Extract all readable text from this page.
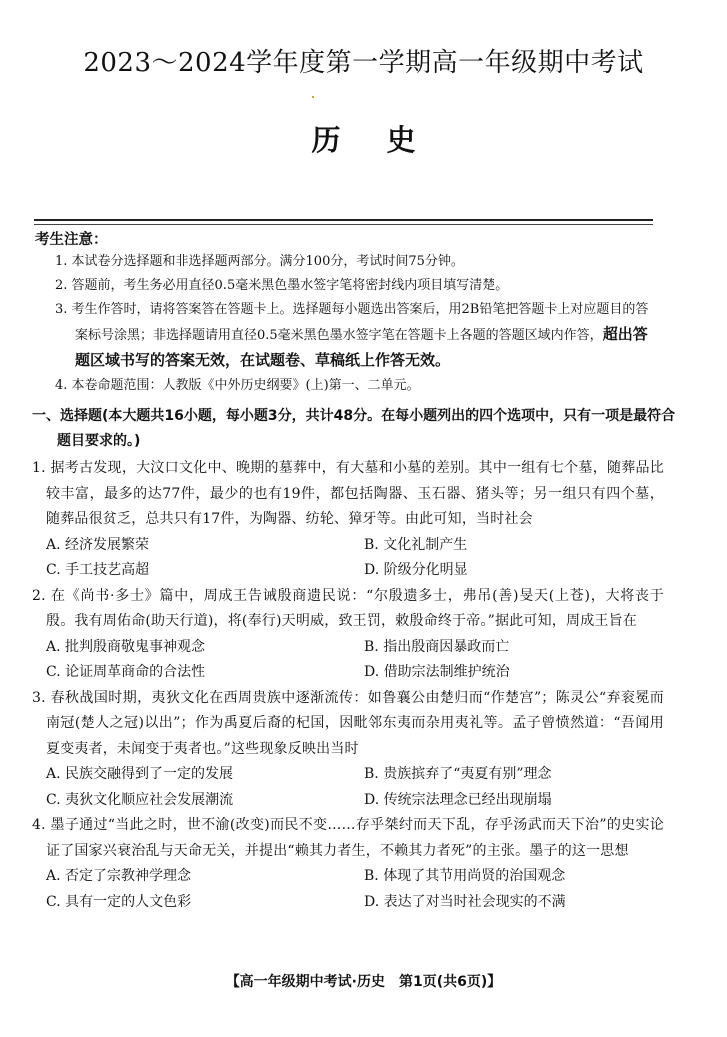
2023～2024学年度第一学期高一年级期中考试
历史
考生注意：
1. 本试卷分选择题和非选择题两部分。满分100分，考试时间75分钟。
2. 答题前，考生务必用直径0.5毫米黑色墨水签字笔将密封线内项目填写清楚。
3. 考生作答时，请将答案答在答题卡上。选择题每小题选出答案后，用2B铅笔把答题卡上对应题目的答案标号涂黑；非选择题请用直径0.5毫米黑色墨水签字笔在答题卡上各题的答题区域内作答，超出答题区域书写的答案无效，在试题卷、草稿纸上作答无效。
4. 本卷命题范围：人教版《中外历史纲要》(上)第一、二单元。
一、选择题(本大题共16小题，每小题3分，共计48分。在每小题列出的四个选项中，只有一项是最符合题目要求的。)
1. 据考古发现，大汶口文化中、晚期的墓葬中，有大墓和小墓的差别。其中一组有七个墓，随葬品比较丰富，最多的达77件，最少的也有19件，都包括陶器、玉石器、猪头等；另一组只有四个墓，随葬品很贫乏，总共只有17件，为陶器、纺轮、獐牙等。由此可知，当时社会
A. 经济发展繁荣	B. 文化礼制产生
C. 手工技艺高超	D. 阶级分化明显
2. 在《尚书·多士》篇中，周成王告诫殷商遗民说：“尔殷遗多士，弗吊(善)旻天(上苍)，大将丧于殷。我有周佑命(助天行道)，将(奉行)天明威，致王罚，敕殷命终于帝。”据此可知，周成王旨在
A. 批判殷商敬鬼事神观念	B. 指出殷商因暴政而亡
C. 论证周革商命的合法性	D. 借助宗法制维护统治
3. 春秋战国时期，夷狄文化在西周贵族中逐渐流传：如鲁襄公由楚归而“作楚宫”；陈灵公“弃衮冕而南冠(楚人之冠)以出”；作为禹夏后裔的杞国，因毗邻东夷而杂用夷礼等。孟子曾愤然道：“吾闻用夏变夷者，未闻变于夷者也。”这些现象反映出当时
A. 民族交融得到了一定的发展	B. 贵族摈弃了“夷夏有别”理念
C. 夷狄文化顺应社会发展潮流	D. 传统宗法理念已经出现崩塌
4. 墨子通过“当此之时，世不渝(改变)而民不变……存乎桀纣而天下乱，存乎汤武而天下治”的史实论证了国家兴衰治乱与天命无关，并提出“赖其力者生，不赖其力者死”的主张。墨子的这一思想
A. 否定了宗教神学理念	B. 体现了其节用尚贤的治国观念
C. 具有一定的人文色彩	D. 表达了对当时社会现实的不满
【高一年级期中考试·历史　第1页(共6页)】
